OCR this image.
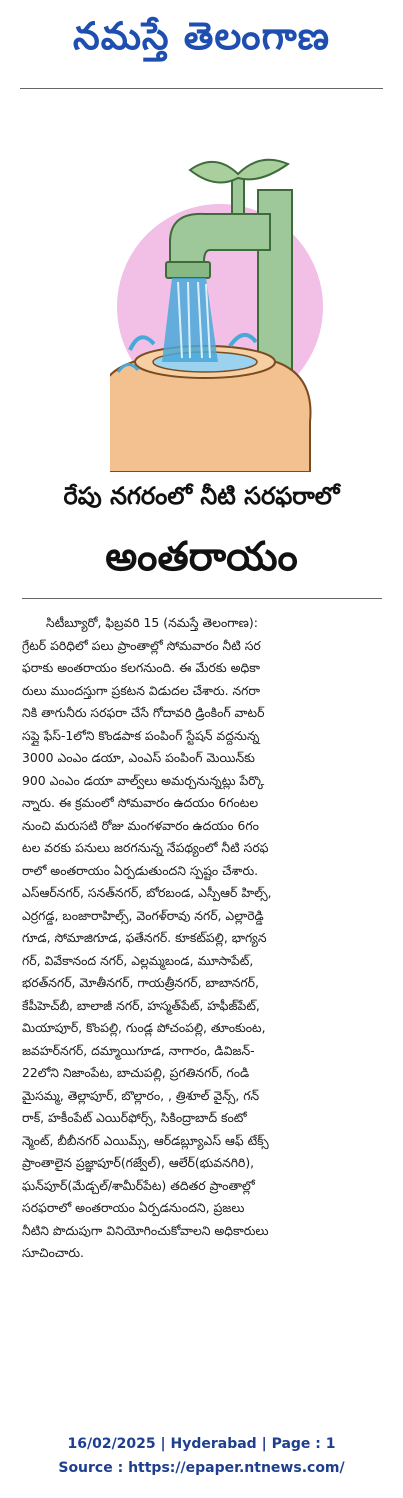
నమస్తే తెలంగాణ
రేపు నగరంలో నీటి సరఫరాలో
అంతరాయం
సిటీబ్యూరో, ఫిబ్రవరి 15 (నమస్తే తెలంగాణ):
గ్రేటర్ పరిధిలో పలు ప్రాంతాల్లో సోమవారం నీటి సర
ఫరాకు అంతరాయం కలగనుంది. ఈ మేరకు అధికా
రులు ముందస్తుగా ప్రకటన విడుదల చేశారు. నగరా
నికి తాగునీరు సరఫరా చేసే గోదావరి డ్రింకింగ్ వాటర్
సప్లై ఫేస్-1లోని కొండపాక పంపింగ్ స్టేషన్ వద్దనున్న
3000 ఎంఎం డయా, ఎంఎస్ పంపింగ్ మెయిన్‌కు
900 ఎంఎం డయా వాల్వ్‌లు అమర్చనున్నట్లు పేర్కొ
న్నారు. ఈ క్రమంలో సోమవారం ఉదయం 6గంటల
నుంచి మరుసటి రోజు మంగళవారం ఉదయం 6గం
టల వరకు పనులు జరగనున్న నేపథ్యంలో నీటి సరఫ
రాలో అంతరాయం ఏర్పడుతుందని స్పష్టం చేశారు.
ఎస్‌ఆర్‌నగర్, సనత్‌నగర్, బోరబండ, ఎస్పీఆర్ హిల్స్,
ఎర్రగడ్డ, బంజారాహిల్స్, వెంగళ్‌రావు నగర్, ఎల్లారెడ్డి
గూడ, సోమాజిగూడ, ఫతేనగర్. కూకట్‌పల్లి, భాగ్యన
గర్, వివేకానంద నగర్, ఎల్లమ్మబండ, మూసాపేట్,
భరత్‌నగర్, మోతీనగర్, గాయత్రీనగర్, బాబానగర్,
కేపీహెచ్‌బీ, బాలాజీ నగర్, హస్మత్‌పేట్, హఫీజ్‌పేట్,
మియాపూర్, కొంపల్లి, గుండ్ల పోచంపల్లి, తూంకుంట,
జవహర్‌నగర్, దమ్మాయిగూడ, నాగారం, డివిజన్-
22లోని నిజాంపేట, బాచుపల్లి, ప్రగతినగర్, గండి
మైసమ్మ, తెల్లాపూర్, బొల్లారం, , త్రిశూల్ వైన్స్, గన్
రాక్, హకీంపేట్ ఎయిర్‌ఫోర్స్, సికింద్రాబాద్ కంటో
న్మెంట్, బీబీనగర్ ఎయిమ్స్, ఆర్‌డబ్ల్యూఎస్ ఆఫ్ టేక్స్
ప్రాంతాలైన ప్రజ్ఞాపూర్(గజ్వేల్), ఆలేర్(భువనగిరి),
ఘన్‌పూర్(మేడ్చల్/శామీర్‌పేట) తదితర ప్రాంతాల్లో
సరఫరాలో అంతరాయం ఏర్పడనుందని, ప్రజలు
నీటిని పొదుపుగా వినియోగించుకోవాలని అధికారులు
సూచించారు.
16/02/2025 | Hyderabad | Page : 1
Source : https://epaper.ntnews.com/
